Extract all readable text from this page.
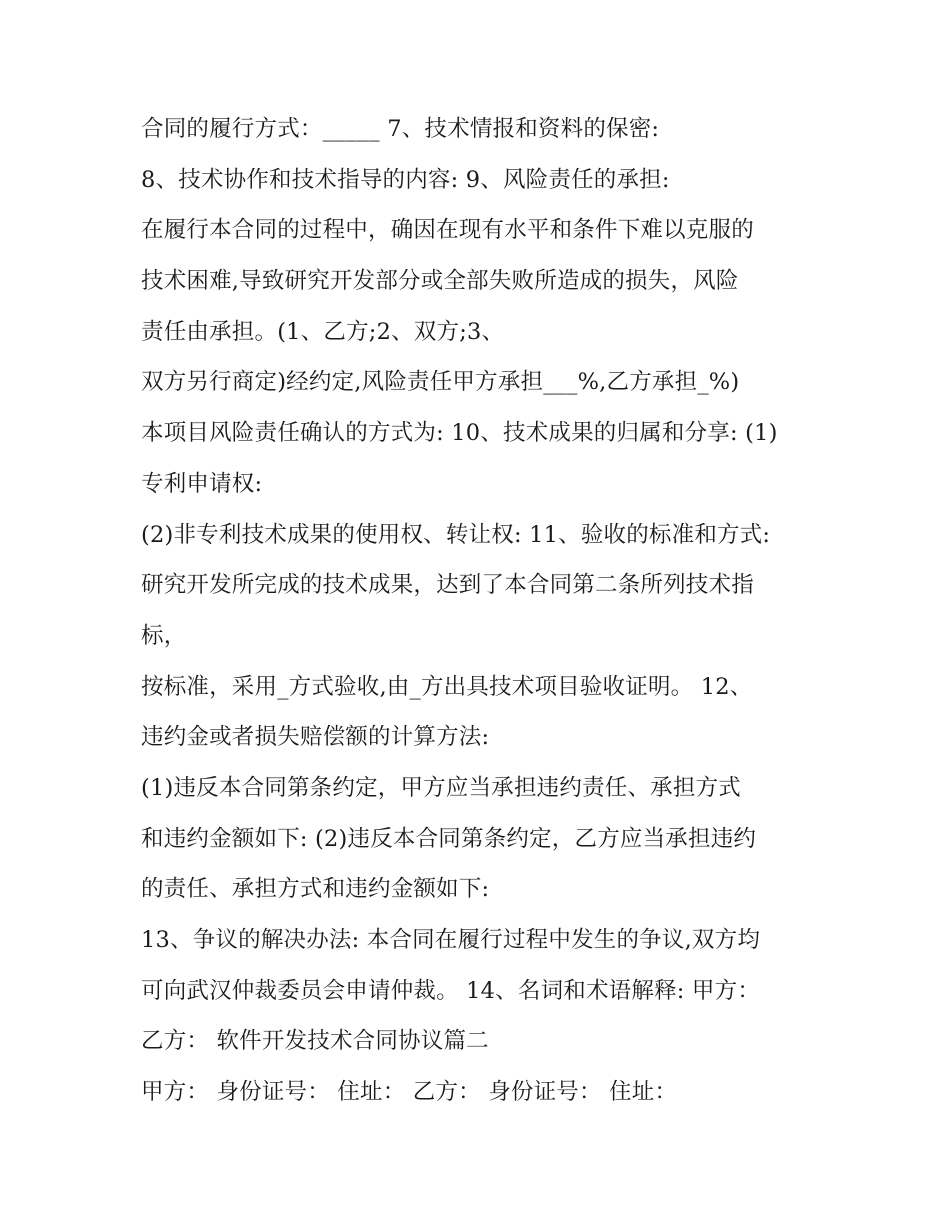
合同的履行方式：_____ 7、技术情报和资料的保密:
8、技术协作和技术指导的内容: 9、风险责任的承担:
在履行本合同的过程中，确因在现有水平和条件下难以克服的
技术困难,导致研究开发部分或全部失败所造成的损失，风险
责任由承担。(1、乙方;2、双方;3、
双方另行商定)经约定,风险责任甲方承担___%,乙方承担_%)
本项目风险责任确认的方式为: 10、技术成果的归属和分享: (1)
专利申请权:
(2)非专利技术成果的使用权、转让权: 11、验收的标准和方式:
研究开发所完成的技术成果，达到了本合同第二条所列技术指
标，
按标准，采用_方式验收,由_方出具技术项目验收证明。 12、
违约金或者损失赔偿额的计算方法:
(1)违反本合同第条约定，甲方应当承担违约责任、承担方式
和违约金额如下: (2)违反本合同第条约定，乙方应当承担违约
的责任、承担方式和违约金额如下:
13、争议的解决办法: 本合同在履行过程中发生的争议,双方均
可向武汉仲裁委员会申请仲裁。 14、名词和术语解释: 甲方：
乙方： 软件开发技术合同协议篇二
甲方： 身份证号： 住址： 乙方： 身份证号： 住址：
